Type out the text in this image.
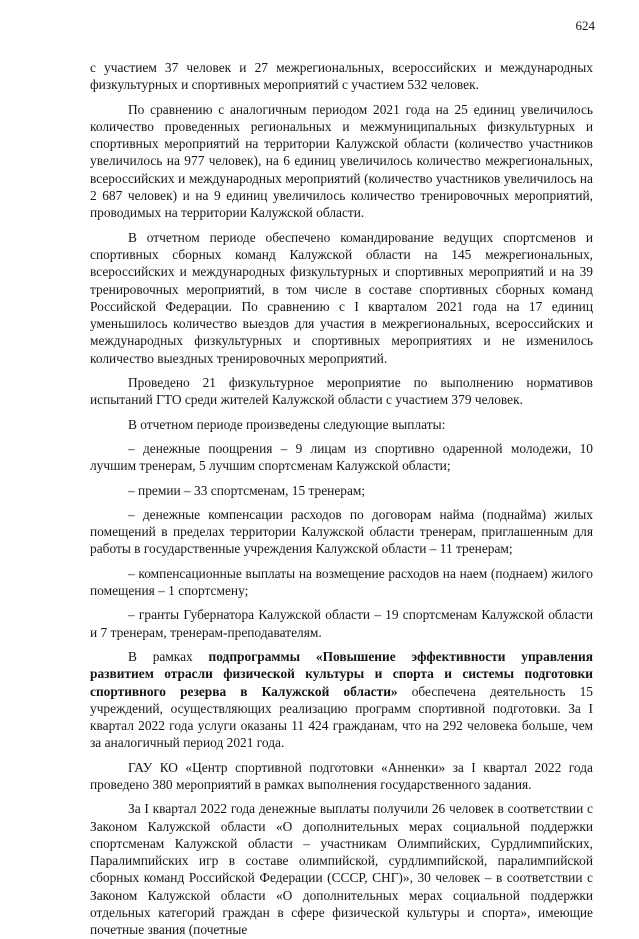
624

с участием 37 человек и 27 межрегиональных, всероссийских и международных физкультурных и спортивных мероприятий с участием 532 человек.

По сравнению с аналогичным периодом 2021 года на 25 единиц увеличилось количество проведенных региональных и межмуниципальных физкультурных и спортивных мероприятий на территории Калужской области (количество участников увеличилось на 977 человек), на 6 единиц увеличилось количество межрегиональных, всероссийских и международных мероприятий (количество участников увеличилось на 2 687 человек) и на 9 единиц увеличилось количество тренировочных мероприятий, проводимых на территории Калужской области.

В отчетном периоде обеспечено командирование ведущих спортсменов и спортивных сборных команд Калужской области на 145 межрегиональных, всероссийских и международных физкультурных и спортивных мероприятий и на 39 тренировочных мероприятий, в том числе в составе спортивных сборных команд Российской Федерации. По сравнению с I кварталом 2021 года на 17 единиц уменьшилось количество выездов для участия в межрегиональных, всероссийских и международных физкультурных и спортивных мероприятиях и не изменилось количество выездных тренировочных мероприятий.

Проведено 21 физкультурное мероприятие по выполнению нормативов испытаний ГТО среди жителей Калужской области с участием 379 человек.

В отчетном периоде произведены следующие выплаты:

– денежные поощрения – 9 лицам из спортивно одаренной молодежи, 10 лучшим тренерам, 5 лучшим спортсменам Калужской области;

– премии – 33 спортсменам, 15 тренерам;

– денежные компенсации расходов по договорам найма (поднайма) жилых помещений в пределах территории Калужской области тренерам, приглашенным для работы в государственные учреждения Калужской области – 11 тренерам;

– компенсационные выплаты на возмещение расходов на наем (поднаем) жилого помещения – 1 спортсмену;

– гранты Губернатора Калужской области – 19 спортсменам Калужской области и 7 тренерам, тренерам-преподавателям.

В рамках подпрограммы «Повышение эффективности управления развитием отрасли физической культуры и спорта и системы подготовки спортивного резерва в Калужской области» обеспечена деятельность 15 учреждений, осуществляющих реализацию программ спортивной подготовки. За I квартал 2022 года услуги оказаны 11 424 гражданам, что на 292 человека больше, чем за аналогичный период 2021 года.

ГАУ КО «Центр спортивной подготовки «Анненки» за I квартал 2022 года проведено 380 мероприятий в рамках выполнения государственного задания.

За I квартал 2022 года денежные выплаты получили 26 человек в соответствии с Законом Калужской области «О дополнительных мерах социальной поддержки спортсменам Калужской области – участникам Олимпийских, Сурдлимпийских, Паралимпийских игр в составе олимпийской, сурдлимпийской, паралимпийской сборных команд Российской Федерации (СССР, СНГ)», 30 человек – в соответствии с Законом Калужской области «О дополнительных мерах социальной поддержки отдельных категорий граждан в сфере физической культуры и спорта», имеющие почетные звания (почетные
